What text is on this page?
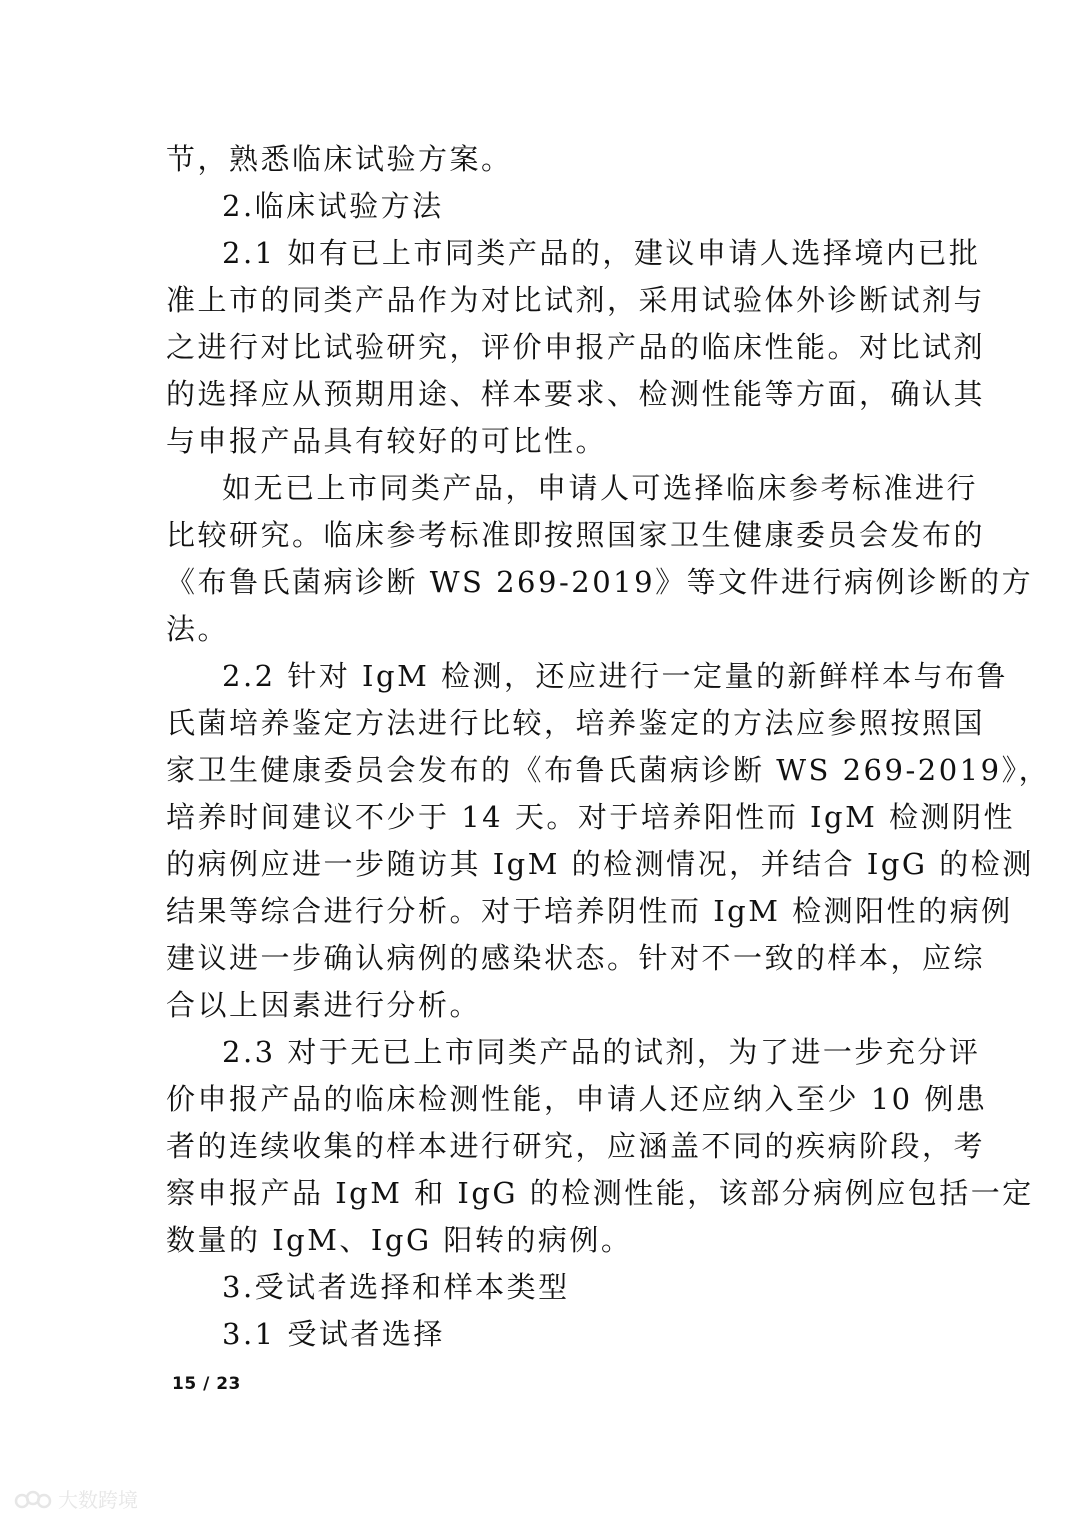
节，熟悉临床试验方案。
2.临床试验方法
2.1 如有已上市同类产品的，建议申请人选择境内已批
准上市的同类产品作为对比试剂，采用试验体外诊断试剂与
之进行对比试验研究，评价申报产品的临床性能。对比试剂
的选择应从预期用途、样本要求、检测性能等方面，确认其
与申报产品具有较好的可比性。
如无已上市同类产品，申请人可选择临床参考标准进行
比较研究。临床参考标准即按照国家卫生健康委员会发布的
《布鲁氏菌病诊断 WS 269-2019》等文件进行病例诊断的方
法。
2.2 针对 IgM 检测，还应进行一定量的新鲜样本与布鲁
氏菌培养鉴定方法进行比较，培养鉴定的方法应参照按照国
家卫生健康委员会发布的《布鲁氏菌病诊断 WS 269-2019》，
培养时间建议不少于 14 天。对于培养阳性而 IgM 检测阴性
的病例应进一步随访其 IgM 的检测情况，并结合 IgG 的检测
结果等综合进行分析。对于培养阴性而 IgM 检测阳性的病例
建议进一步确认病例的感染状态。针对不一致的样本，应综
合以上因素进行分析。
2.3 对于无已上市同类产品的试剂，为了进一步充分评
价申报产品的临床检测性能，申请人还应纳入至少 10 例患
者的连续收集的样本进行研究，应涵盖不同的疾病阶段，考
察申报产品 IgM 和 IgG 的检测性能，该部分病例应包括一定
数量的 IgM、IgG 阳转的病例。
3.受试者选择和样本类型
3.1 受试者选择
15 / 23
大数跨境
